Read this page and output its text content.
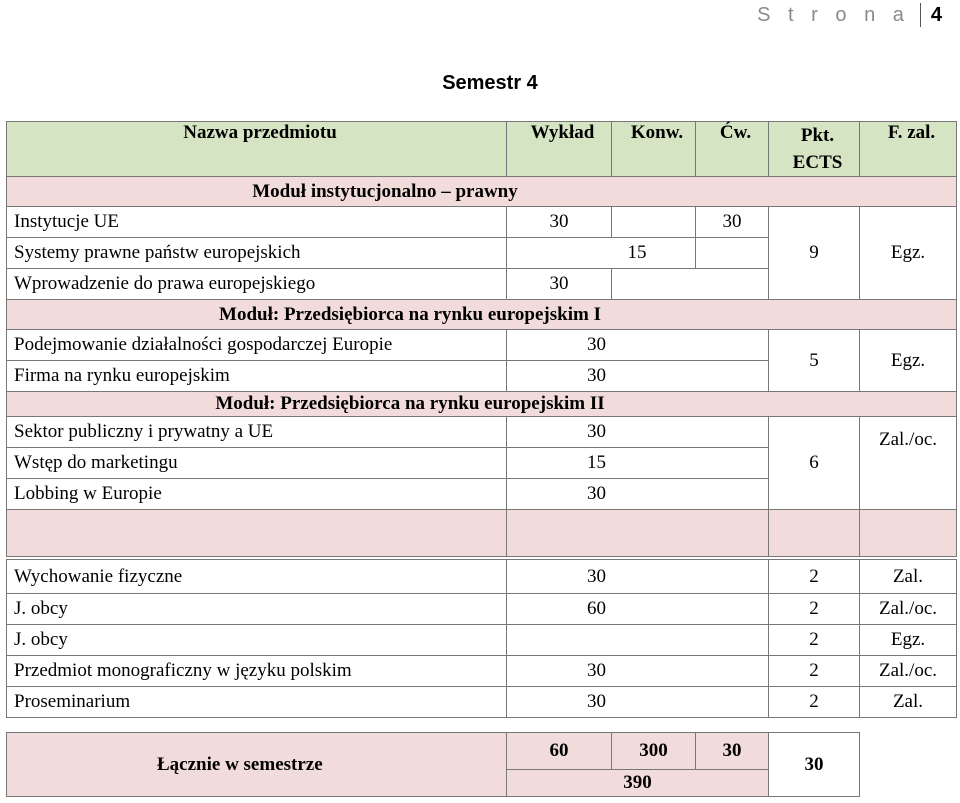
S t r o n a 4
Semestr 4
Nazwa przedmiotu	Wykład	Konw.	Ćw.	Pkt. ECTS	F. zal.
Moduł instytucjonalno – prawny					
Instytucje UE	30		30	9	Egz.
Systemy prawne państw europejskich	15				
Wprowadzenie do prawa europejskiego	30				
Moduł: Przedsiębiorca na rynku europejskim I					
Podejmowanie działalności gospodarczej Europie	30			5	Egz.
Firma na rynku europejskim	30				
Moduł: Przedsiębiorca na rynku europejskim II					
Sektor publiczny i prywatny a UE	30			6	Zal./oc.
Wstęp do marketingu	15				
Lobbing w Europie	30				

Wychowanie fizyczne	30			2	Zal.
J. obcy	60			2	Zal./oc.
J. obcy				2	Egz.
Przedmiot monograficzny w języku polskim	30			2	Zal./oc.
Proseminarium	30			2	Zal.

Łącznie w semestrze	60	300	30	30	
	390				
